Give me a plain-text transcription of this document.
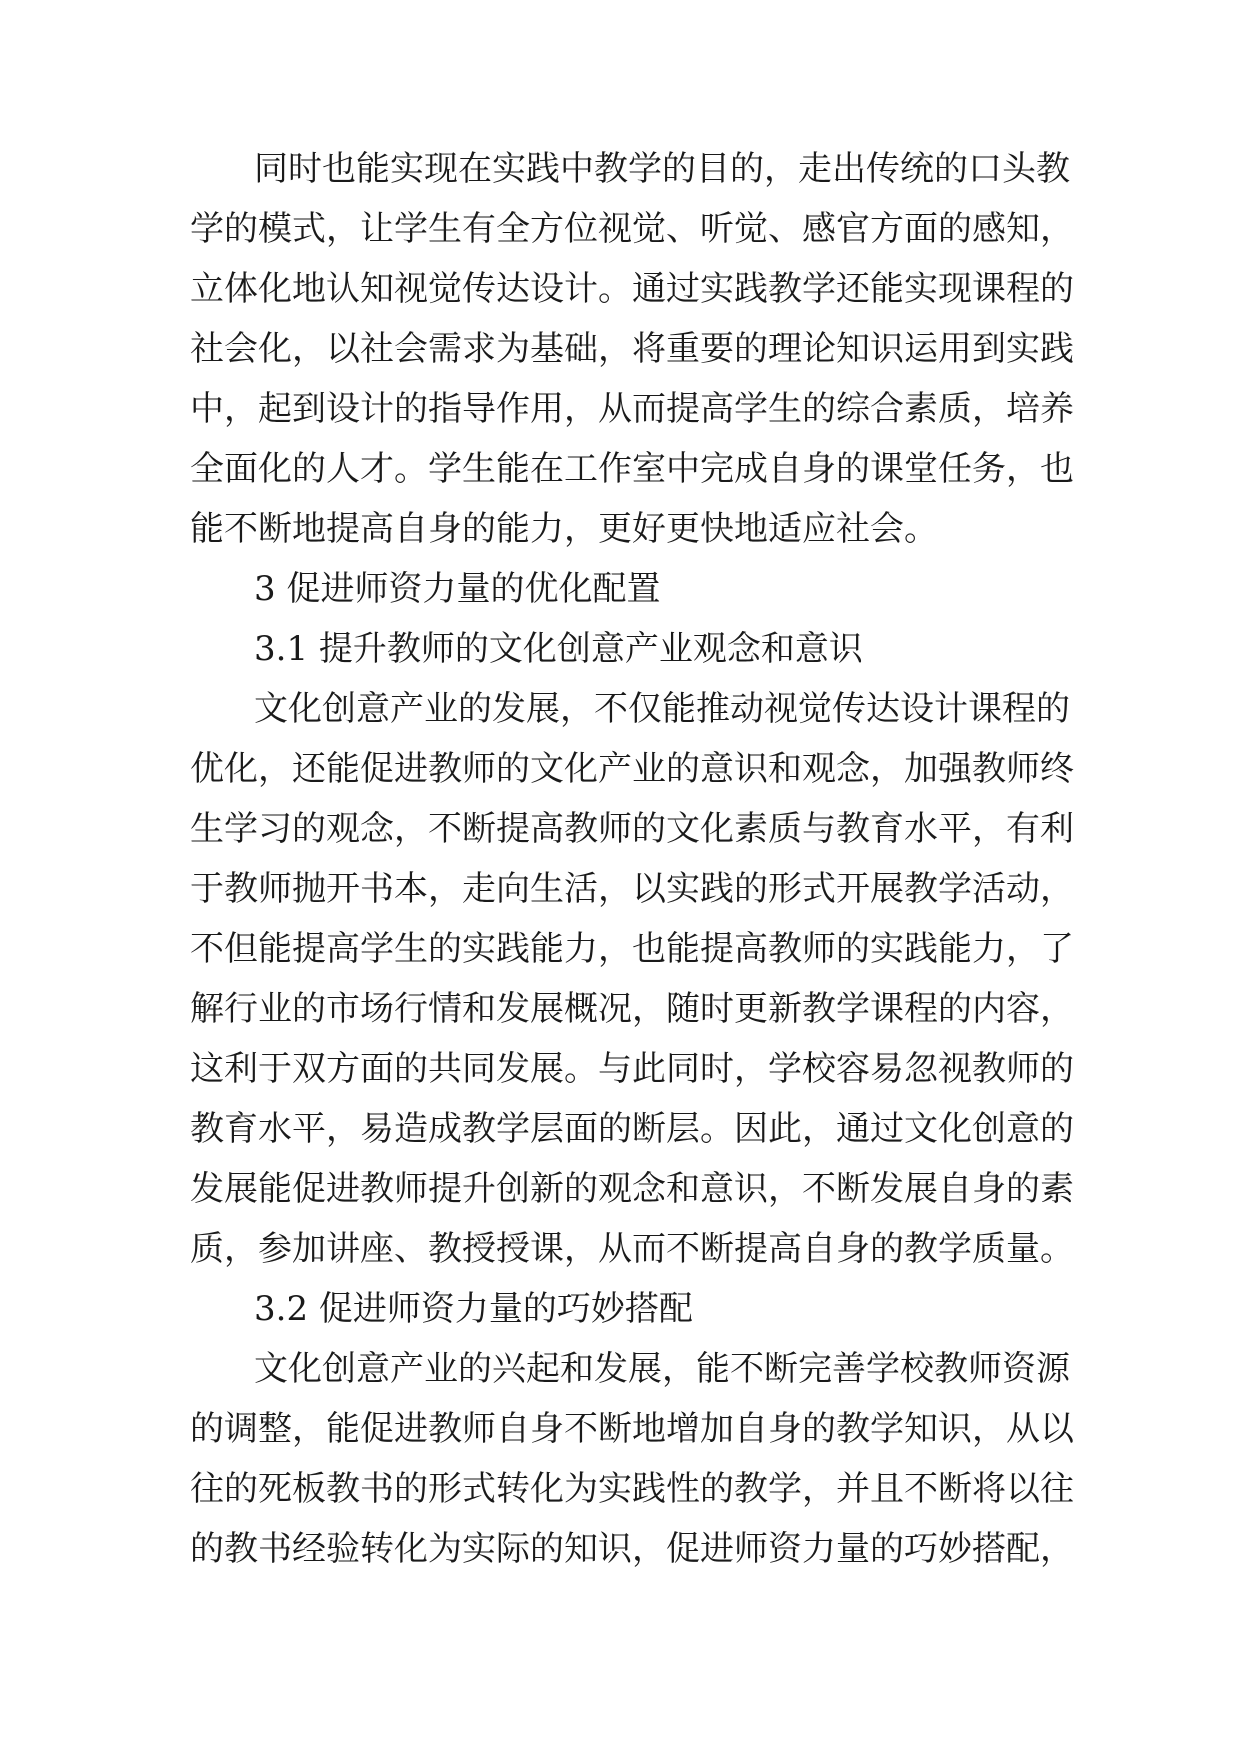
同时也能实现在实践中教学的目的，走出传统的口头教
学的模式，让学生有全方位视觉、听觉、感官方面的感知，
立体化地认知视觉传达设计。通过实践教学还能实现课程的
社会化，以社会需求为基础，将重要的理论知识运用到实践
中，起到设计的指导作用，从而提高学生的综合素质，培养
全面化的人才。学生能在工作室中完成自身的课堂任务，也
能不断地提高自身的能力，更好更快地适应社会。
3 促进师资力量的优化配置
3.1 提升教师的文化创意产业观念和意识
文化创意产业的发展，不仅能推动视觉传达设计课程的
优化，还能促进教师的文化产业的意识和观念，加强教师终
生学习的观念，不断提高教师的文化素质与教育水平，有利
于教师抛开书本，走向生活，以实践的形式开展教学活动，
不但能提高学生的实践能力，也能提高教师的实践能力，了
解行业的市场行情和发展概况，随时更新教学课程的内容，
这利于双方面的共同发展。与此同时，学校容易忽视教师的
教育水平，易造成教学层面的断层。因此，通过文化创意的
发展能促进教师提升创新的观念和意识，不断发展自身的素
质，参加讲座、教授授课，从而不断提高自身的教学质量。
3.2 促进师资力量的巧妙搭配
文化创意产业的兴起和发展，能不断完善学校教师资源
的调整，能促进教师自身不断地增加自身的教学知识，从以
往的死板教书的形式转化为实践性的教学，并且不断将以往
的教书经验转化为实际的知识，促进师资力量的巧妙搭配，
